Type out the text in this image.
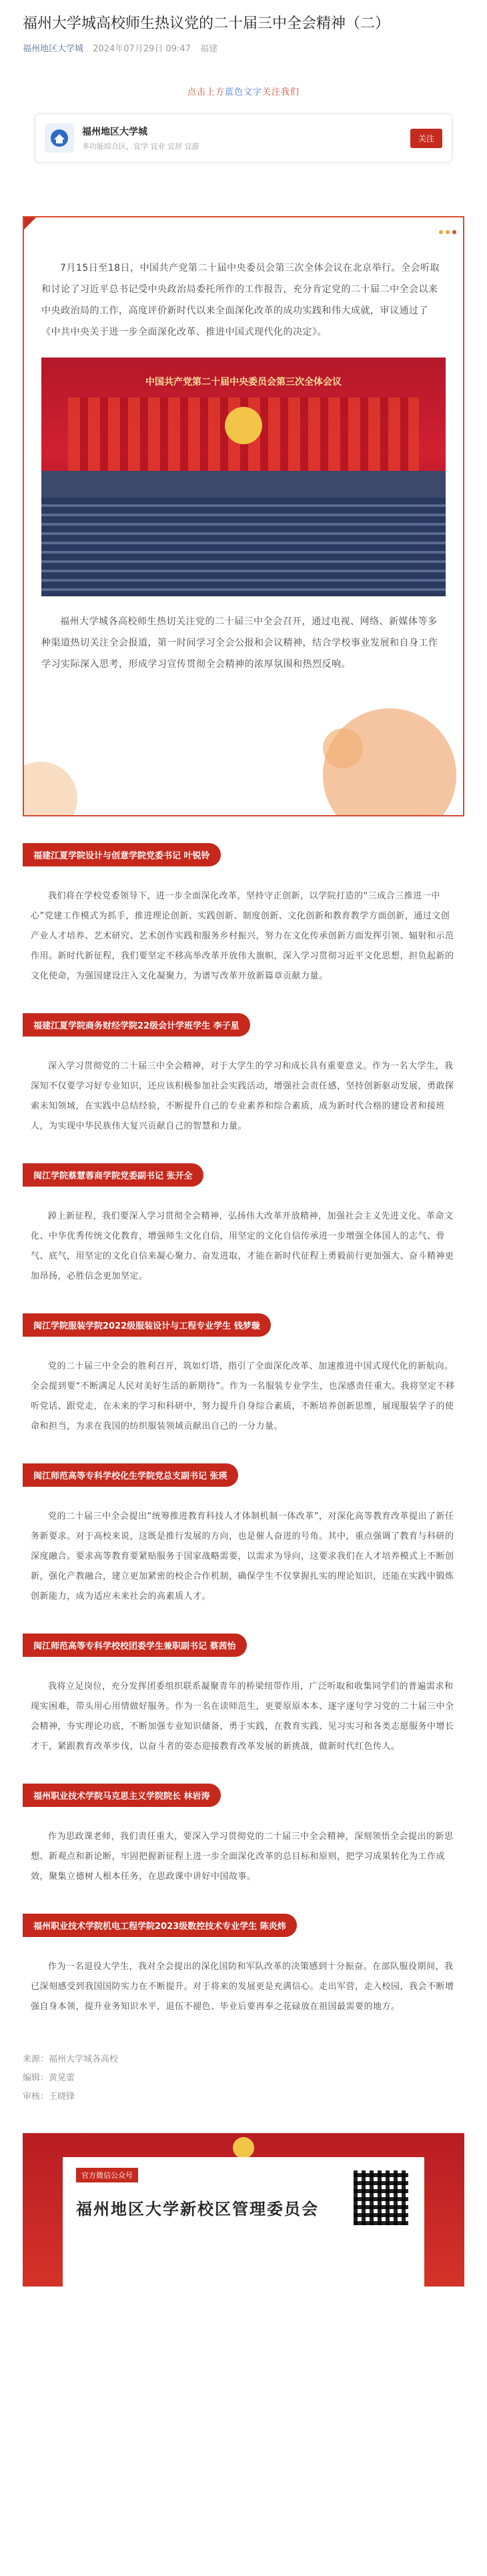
福州大学城高校师生热议党的二十届三中全会精神（二）
福州地区大学城 2024年07月29日 09:47 福建
点击上方蓝色文字关注我们
福州地区大学城
多功能综合区，宜学 宜业 宜居 宜游
关注

7月15日至18日，中国共产党第二十届中央委员会第三次全体会议在北京举行。全会听取和讨论了习近平总书记受中央政治局委托所作的工作报告，充分肯定党的二十届二中全会以来中央政治局的工作，高度评价新时代以来全面深化改革的成功实践和伟大成就，审议通过了《中共中央关于进一步全面深化改革、推进中国式现代化的决定》。

中国共产党第二十届中央委员会第三次全体会议

福州大学城各高校师生热切关注党的二十届三中全会召开，通过电视、网络、新媒体等多种渠道热切关注全会报道，第一时间学习全会公报和会议精神，结合学校事业发展和自身工作学习实际深入思考，形成学习宣传贯彻全会精神的浓厚氛围和热烈反响。

福建江夏学院设计与创意学院党委书记 叶锐铃

我们将在学校党委领导下，进一步全面深化改革，坚持守正创新，以学院打造的“三成合三推进一中心”党建工作模式为抓手，推进理论创新、实践创新、制度创新、文化创新和教育教学方面创新，通过文创产业人才培养、艺术研究、艺术创作实践和服务乡村振兴，努力在文化传承创新方面发挥引领、辐射和示范作用。新时代新征程，我们要坚定不移高举改革开放伟大旗帜，深入学习贯彻习近平文化思想，担负起新的文化使命，为强国建设注入文化凝聚力，为谱写改革开放新篇章贡献力量。

福建江夏学院商务财经学院22级会计学班学生 李子星

深入学习贯彻党的二十届三中全会精神，对于大学生的学习和成长具有重要意义。作为一名大学生，我深知不仅要学习好专业知识，还应该积极参加社会实践活动，增强社会责任感，坚持创新驱动发展，勇敢探索未知领域，在实践中总结经验，不断提升自己的专业素养和综合素质，成为新时代合格的建设者和接班人，为实现中华民族伟大复兴贡献自己的智慧和力量。

闽江学院蔡慧蓉商学院党委副书记 张开全

踔上新征程，我们要深入学习贯彻全会精神，弘扬伟大改革开放精神，加强社会主义先进文化、革命文化、中华优秀传统文化教育，增强师生文化自信，用坚定的文化自信传承进一步增强全体国人的志气、骨气、底气，用坚定的文化自信来凝心聚力、奋发进取，才能在新时代征程上勇毅前行更加强大、奋斗精神更加昂扬，必胜信念更加坚定。

闽江学院服装学院2022级服装设计与工程专业学生 钱梦璇

党的二十届三中全会的胜利召开，筑如灯塔，指引了全面深化改革、加速推进中国式现代化的新航向。全会提到要“不断满足人民对美好生活的新期待”。作为一名服装专业学生，也深感责任重大。我将坚定不移听党话、跟党走，在未来的学习和科研中，努力提升自身综合素质，不断培养创新思维，展现服装学子的使命和担当，为求在我国的纺织服装领域贡献出自己的一分力量。

闽江师范高等专科学校化生学院党总支副书记 张瑛

党的二十届三中全会提出“统筹推进教育科技人才体制机制一体改革”，对深化高等教育改革提出了新任务新要求。对于高校来说，这既是推行发展的方向，也是催人奋进的号角。其中，重点强调了教育与科研的深度融合。要求高等教育要紧贴服务于国家战略需要，以需求为导向，这要求我们在人才培养模式上不断创新，强化产教融合，建立更加紧密的校企合作机制，确保学生不仅掌握扎实的理论知识，还能在实践中锻炼创新能力，成为适应未来社会的高素质人才。

闽江师范高等专科学校校团委学生兼职副书记 蔡茜怡

我将立足岗位，充分发挥团委组织联系凝聚青年的桥梁纽带作用，广泛听取和收集同学们的普遍需求和现实困难，带头用心用情做好服务。作为一名在读师范生，更要原原本本、逐字逐句学习党的二十届三中全会精神，夯实理论功底，不断加强专业知识储备，勇于实践，在教育实践、见习实习和各类志愿服务中增长才干，紧跟教育改革步伐，以奋斗者的姿态迎接教育改革发展的新挑战，做新时代红色传人。

福州职业技术学院马克思主义学院院长 林岩涛

作为思政课老师，我们责任重大，要深入学习贯彻党的二十届三中全会精神，深刻领悟全会提出的新思想、新观点和新论断，牢固把握新征程上进一步全面深化改革的总目标和原则，把学习成果转化为工作成效，聚集立德树人根本任务，在思政课中讲好中国故事。

福州职业技术学院机电工程学院2023级数控技术专业学生 陈炎炜

作为一名退役大学生，我对全会提出的深化国防和军队改革的决策感到十分振奋。在部队服役期间，我已深刻感受到我国国防实力在不断提升。对于将来的发展更是充满信心。走出军营，走入校园，我会不断增强自身本领，提升业务知识水平，退伍不褪色、毕业后要再奉之花碌放在祖国最需要的地方。

来源：福州大学城各高校
编辑：黄晃蕾
审核：王晓锋
官方微信公众号
福州地区大学新校区管理委员会
